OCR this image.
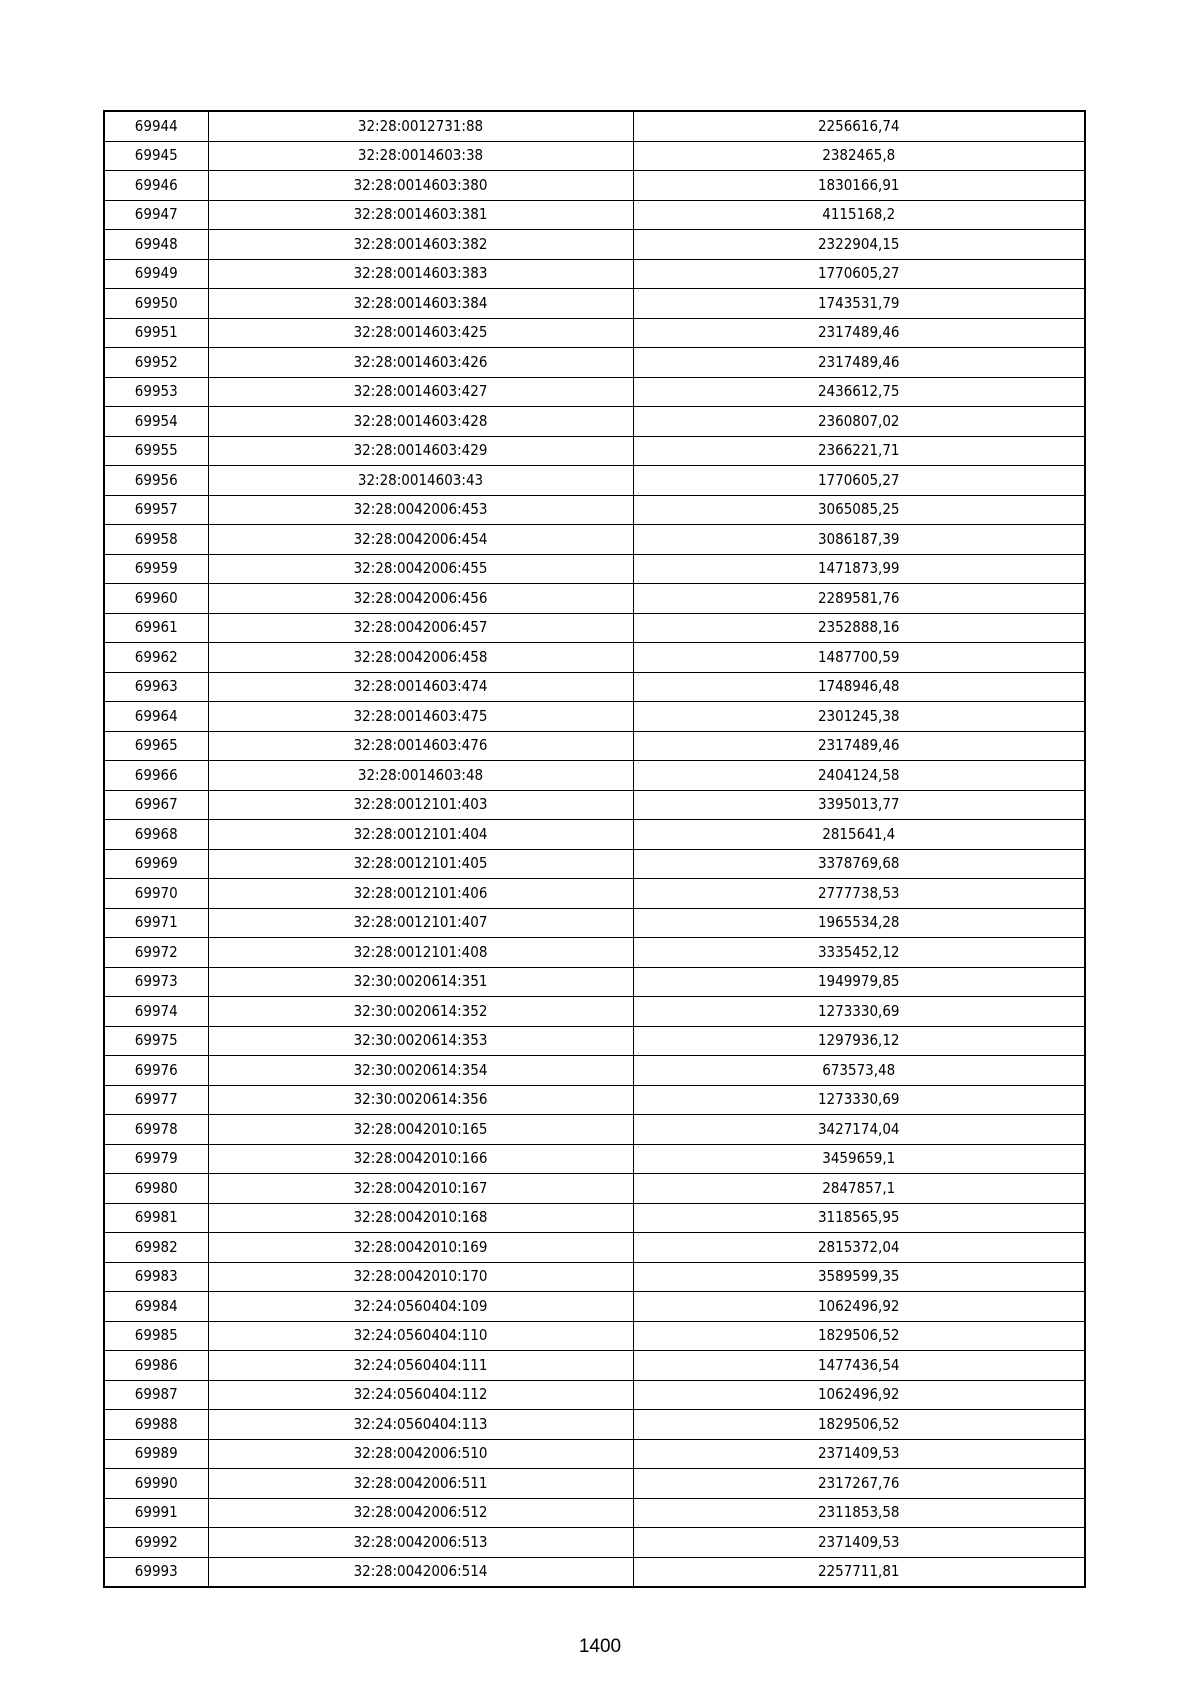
69944	32:28:0012731:88	2256616,74
69945	32:28:0014603:38	2382465,8
69946	32:28:0014603:380	1830166,91
69947	32:28:0014603:381	4115168,2
69948	32:28:0014603:382	2322904,15
69949	32:28:0014603:383	1770605,27
69950	32:28:0014603:384	1743531,79
69951	32:28:0014603:425	2317489,46
69952	32:28:0014603:426	2317489,46
69953	32:28:0014603:427	2436612,75
69954	32:28:0014603:428	2360807,02
69955	32:28:0014603:429	2366221,71
69956	32:28:0014603:43	1770605,27
69957	32:28:0042006:453	3065085,25
69958	32:28:0042006:454	3086187,39
69959	32:28:0042006:455	1471873,99
69960	32:28:0042006:456	2289581,76
69961	32:28:0042006:457	2352888,16
69962	32:28:0042006:458	1487700,59
69963	32:28:0014603:474	1748946,48
69964	32:28:0014603:475	2301245,38
69965	32:28:0014603:476	2317489,46
69966	32:28:0014603:48	2404124,58
69967	32:28:0012101:403	3395013,77
69968	32:28:0012101:404	2815641,4
69969	32:28:0012101:405	3378769,68
69970	32:28:0012101:406	2777738,53
69971	32:28:0012101:407	1965534,28
69972	32:28:0012101:408	3335452,12
69973	32:30:0020614:351	1949979,85
69974	32:30:0020614:352	1273330,69
69975	32:30:0020614:353	1297936,12
69976	32:30:0020614:354	673573,48
69977	32:30:0020614:356	1273330,69
69978	32:28:0042010:165	3427174,04
69979	32:28:0042010:166	3459659,1
69980	32:28:0042010:167	2847857,1
69981	32:28:0042010:168	3118565,95
69982	32:28:0042010:169	2815372,04
69983	32:28:0042010:170	3589599,35
69984	32:24:0560404:109	1062496,92
69985	32:24:0560404:110	1829506,52
69986	32:24:0560404:111	1477436,54
69987	32:24:0560404:112	1062496,92
69988	32:24:0560404:113	1829506,52
69989	32:28:0042006:510	2371409,53
69990	32:28:0042006:511	2317267,76
69991	32:28:0042006:512	2311853,58
69992	32:28:0042006:513	2371409,53
69993	32:28:0042006:514	2257711,81
1400
